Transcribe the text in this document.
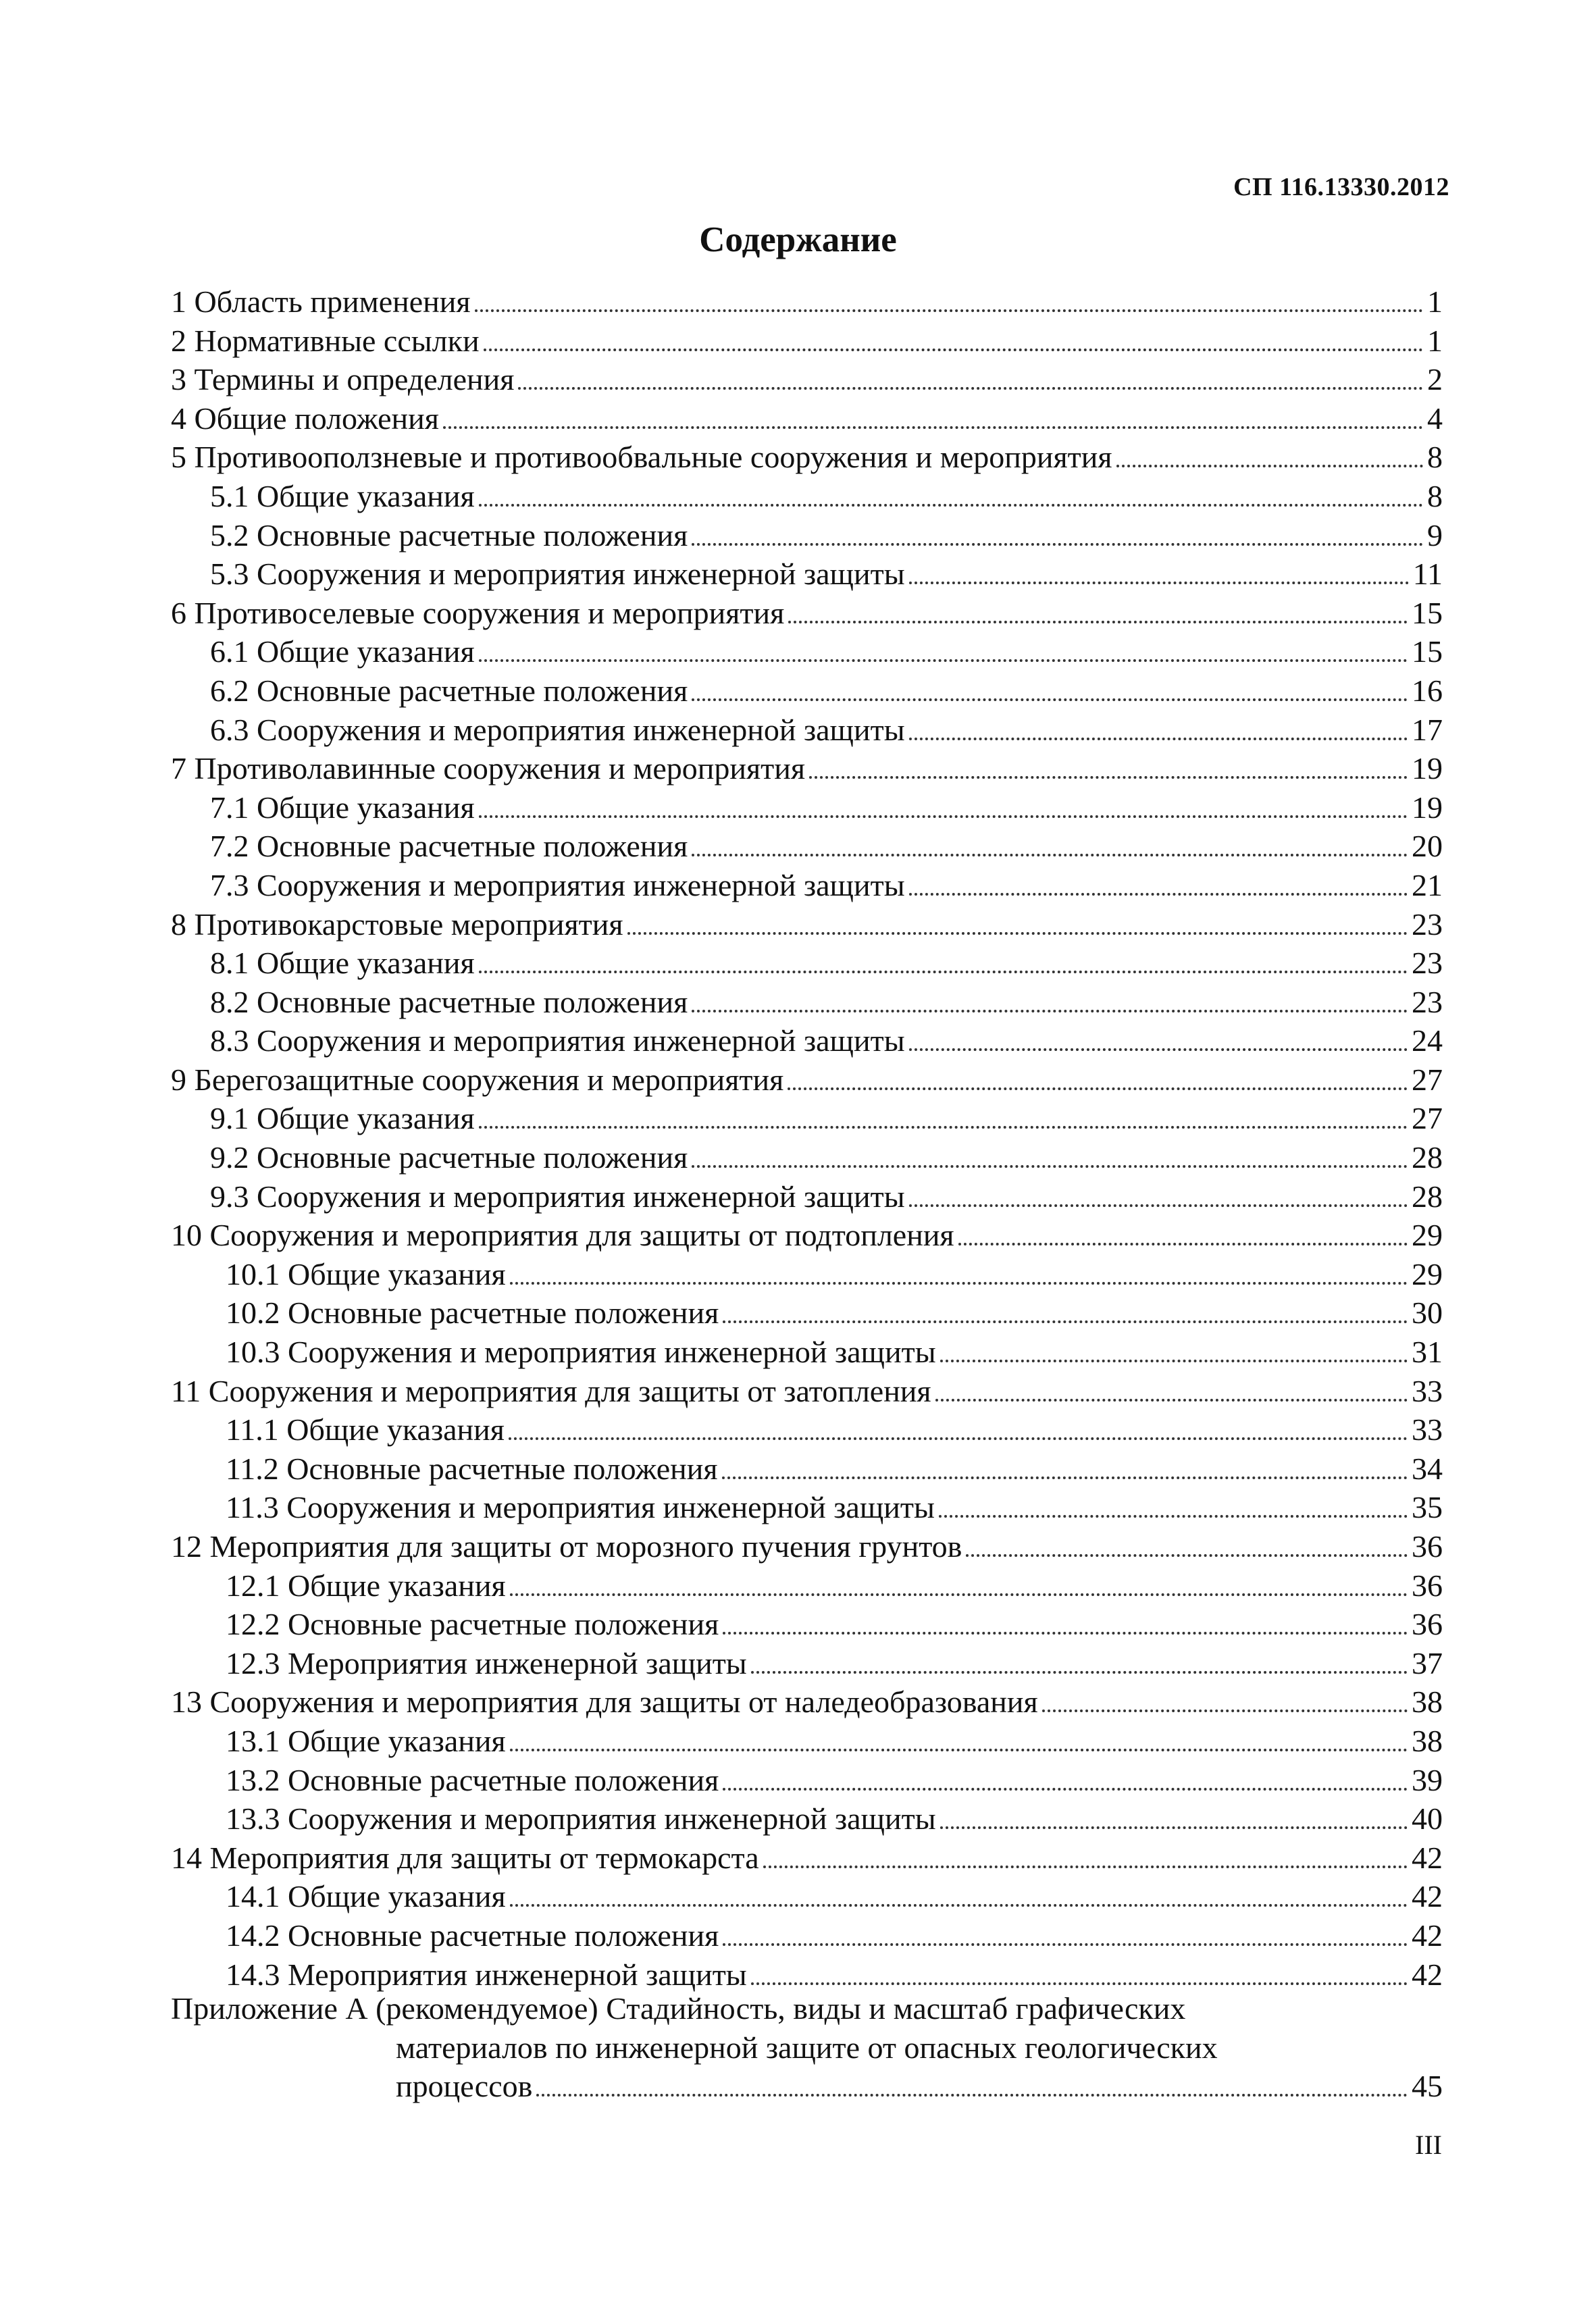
СП 116.13330.2012
Содержание
1 Область применения	1
2 Нормативные ссылки	1
3 Термины и определения	2
4 Общие положения	4
5 Противооползневые и противообвальные сооружения и мероприятия	8
5.1 Общие указания	8
5.2 Основные расчетные положения	9
5.3 Сооружения и мероприятия инженерной защиты	11
6 Противоселевые сооружения и мероприятия	15
6.1 Общие указания	15
6.2 Основные расчетные положения	16
6.3 Сооружения и мероприятия инженерной защиты	17
7 Противолавинные сооружения и мероприятия	19
7.1 Общие указания	19
7.2 Основные расчетные положения	20
7.3 Сооружения и мероприятия инженерной защиты	21
8 Противокарстовые мероприятия	23
8.1 Общие указания	23
8.2 Основные расчетные положения	23
8.3 Сооружения и мероприятия инженерной защиты	24
9 Берегозащитные сооружения и мероприятия	27
9.1 Общие указания	27
9.2 Основные расчетные положения	28
9.3 Сооружения и мероприятия инженерной защиты	28
10 Сооружения и мероприятия для защиты от подтопления	29
10.1 Общие указания	29
10.2 Основные расчетные положения	30
10.3 Сооружения и мероприятия инженерной защиты	31
11 Сооружения и мероприятия для защиты от затопления	33
11.1 Общие указания	33
11.2 Основные расчетные положения	34
11.3 Сооружения и мероприятия инженерной защиты	35
12 Мероприятия для защиты от морозного пучения грунтов	36
12.1 Общие указания	36
12.2 Основные расчетные положения	36
12.3 Мероприятия инженерной защиты	37
13 Сооружения и мероприятия для защиты от наледеобразования	38
13.1 Общие указания	38
13.2 Основные расчетные положения	39
13.3 Сооружения и мероприятия инженерной защиты	40
14 Мероприятия для защиты от термокарста	42
14.1 Общие указания	42
14.2 Основные расчетные положения	42
14.3 Мероприятия инженерной защиты	42
Приложение А (рекомендуемое) Стадийность, виды и масштаб графических
материалов по инженерной защите от опасных геологических
процессов	45
III
